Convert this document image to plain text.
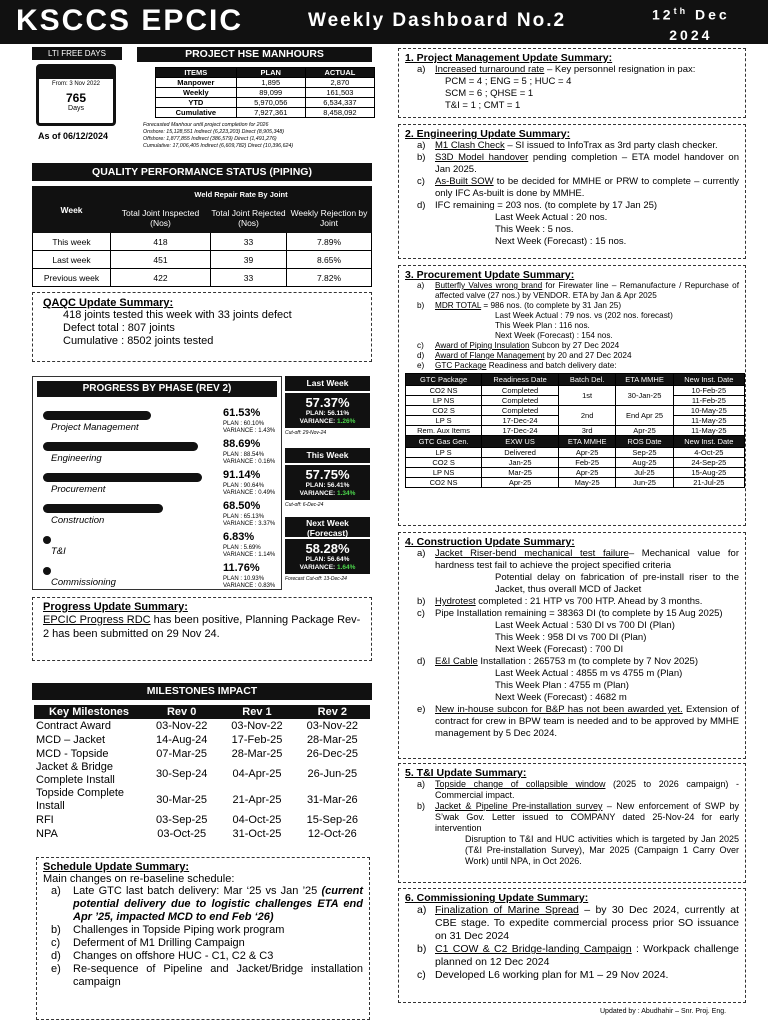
KSCCS EPCIC	Weekly Dashboard No.2	12th Dec
2024
LTI FREE DAYS
From: 3 Nov 2022
765
Days
As of 06/12/2024
PROJECT HSE MANHOURS
ITEMS	PLAN	ACTUAL
Manpower	1,895	2,870
Weekly	89,099	161,503
YTD	5,970,056	6,534,337
Cumulative	7,927,361	8,458,092
Forecasted Manhour until project completion for 2026
Onshore: 15,128,551 Indirect (6,223,203) Direct (8,905,348)
Offshore: 1,877,855 Indirect (386,579) Direct (1,491,276)
Cumulative: 17,006,405 Indirect (6,609,782) Direct (10,396,624)
QUALITY PERFORMANCE STATUS (PIPING)
Week	Weld Repair Rate By Joint		
	Total Joint Inspected (Nos)	Total Joint Rejected (Nos)	Weekly Rejection by Joint
This week	418	33	7.89%
Last week	451	39	8.65%
Previous week	422	33	7.82%
QAQC Update Summary:
418 joints tested this week with 33 joints defect
Defect total : 807 joints
Cumulative : 8502 joints tested
PROGRESS BY PHASE (REV 2)
Project Management
61.53%
PLAN : 60.10%
VARIANCE : 1.43%
Engineering
88.69%
PLAN : 88.54%
VARIANCE : 0.16%
Procurement
91.14%
PLAN : 90.64%
VARIANCE : 0.49%
Construction
68.50%
PLAN : 65.13%
VARIANCE : 3.37%
T&I
6.83%
PLAN : 5.69%
VARIANCE : 1.14%
Commissioning
11.76%
PLAN : 10.93%
VARIANCE : 0.83%
Last Week
57.37%
PLAN: 56.11%
VARIANCE: 1.26%
Cut-off: 29-Nov-24
This Week
57.75%
PLAN: 56.41%
VARIANCE: 1.34%
Cut-off: 6-Dec-24
Next Week (Forecast)
58.28%
PLAN: 56.64%
VARIANCE: 1.64%
Forecast Cut-off: 13-Dec-24
Progress Update Summary:
EPCIC Progress RDC has been positive, Planning Package Rev-2 has been submitted on 29 Nov 24.
MILESTONES IMPACT
Key Milestones	Rev 0	Rev 1	Rev 2
Contract Award	03-Nov-22	03-Nov-22	03-Nov-22
MCD – Jacket	14-Aug-24	17-Feb-25	28-Mar-25
MCD - Topside	07-Mar-25	28-Mar-25	26-Dec-25
Jacket & Bridge Complete Install	30-Sep-24	04-Apr-25	26-Jun-25
Topside Complete Install	30-Mar-25	21-Apr-25	31-Mar-26
RFI	03-Sep-25	04-Oct-25	15-Sep-26
NPA	03-Oct-25	31-Oct-25	12-Oct-26
Schedule Update Summary:
Main changes on re-baseline schedule:
a) Late GTC last batch delivery: Mar ‘25 vs Jan ’25 (current potential delivery due to logistic challenges ETA end Apr ’25, impacted MCD to end Feb ‘26)
b) Challenges in Topside Piping work program
c) Deferment of M1 Drilling Campaign
d) Changes on offshore HUC - C1, C2 & C3
e) Re-sequence of Pipeline and Jacket/Bridge installation campaign
1. Project Management Update Summary:
a) Increased turnaround rate – Key personnel resignation in pax:
PCM = 4 ; ENG = 5 ; HUC = 4
SCM = 6 ; QHSE = 1
T&I = 1 ; CMT = 1
2. Engineering Update Summary:
a) M1 Clash Check – SI issued to InfoTrax as 3rd party clash checker.
b) S3D Model handover pending completion – ETA model handover on Jan 2025.
c) As-Built SOW to be decided for MMHE or PRW to complete – currently only IFC As-built is done by MMHE.
d) IFC remaining = 203 nos. (to complete by 17 Jan 25)
Last Week Actual : 20 nos.
This Week : 5 nos.
Next Week (Forecast) : 15 nos.
3. Procurement Update Summary:
a) Butterfly Valves wrong brand for Firewater line – Remanufacture / Repurchase of affected valve (27 nos.) by VENDOR. ETA by Jan & Apr 2025
b) MDR TOTAL = 986 nos. (to complete by 31 Jan 25)
Last Week Actual : 79 nos. vs (202 nos. forecast)
This Week Plan : 116 nos.
Next Week (Forecast) : 154 nos.
c) Award of Piping Insulation Subcon by 27 Dec 2024
d) Award of Flange Management by 20 and 27 Dec 2024
e) GTC Package Readiness and batch delivery date:
GTC Package	Readiness Date	Batch Del.	ETA MMHE	New Inst. Date
CO2 NS	Completed	1st	30-Jan-25	10-Feb-25
LP NS	Completed			11-Feb-25
CO2 S	Completed	2nd	End Apr 25	10-May-25
LP S	17-Dec-24			11-May-25
Rem. Aux Items	17-Dec-24	3rd	Apr-25	11-May-25
GTC Gas Gen.	EXW US	ETA MMHE	ROS Date	New Inst. Date
LP S	Delivered	Apr-25	Sep-25	4-Oct-25
CO2 S	Jan-25	Feb-25	Aug-25	24-Sep-25
LP NS	Mar-25	Apr-25	Jul-25	15-Aug-25
CO2 NS	Apr-25	May-25	Jun-25	21-Jul-25
4. Construction Update Summary:
a) Jacket Riser-bend mechanical test failure– Mechanical value for hardness test fail to achieve the project specified criteria
Potential delay on fabrication of pre-install riser to the Jacket, thus overall MCD of Jacket
b) Hydrotest completed : 21 HTP vs 700 HTP. Ahead by 3 months.
c) Pipe Installation remaining = 38363 DI (to complete by 15 Aug 2025)
Last Week Actual : 530 DI vs 700 DI (Plan)
This Week : 958 DI vs 700 DI (Plan)
Next Week (Forecast) : 700 DI
d) E&I Cable Installation : 265753 m (to complete by 7 Nov 2025)
Last Week Actual : 4855 m vs 4755 m (Plan)
This Week Plan : 4755 m (Plan)
Next Week (Forecast) : 4682 m
e) New in-house subcon for B&P has not been awarded yet. Extension of contract for crew in BPW team is needed and to be approved by MMHE management by 5 Dec 2024.
5. T&I Update Summary:
a) Topside change of collapsible window (2025 to 2026 campaign) - Commercial impact.
b) Jacket & Pipeline Pre-installation survey – New enforcement of SWP by S’wak Gov. Letter issued to COMPANY dated 25-Nov-24 for early intervention
Disruption to T&I and HUC activities which is targeted by Jan 2025 (T&I Pre-installation Survey), Mar 2025 (Campaign 1 Carry Over Work) until NPA, in Oct 2026.
6. Commissioning Update Summary:
a) Finalization of Marine Spread – by 30 Dec 2024, currently at CBE stage. To expedite commercial process prior SO issuance on 31 Dec 2024
b) C1 COW & C2 Bridge-landing Campaign : Workpack challenge planned on 12 Dec 2024
c) Developed L6 working plan for M1 – 29 Nov 2024.
Updated by : Abudhahir – Snr. Proj. Eng.
